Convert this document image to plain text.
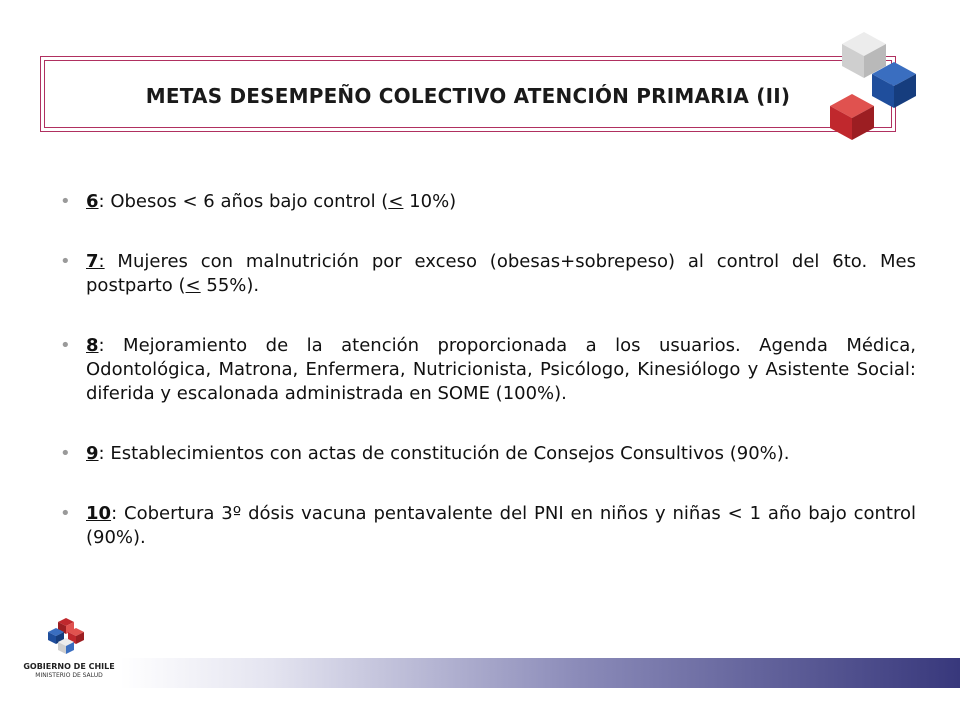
METAS DESEMPEÑO COLECTIVO ATENCIÓN PRIMARIA (II)
• 6: Obesos < 6 años bajo control (≤ 10%)
• 7: Mujeres con malnutrición por exceso (obesas+sobrepeso) al control del 6to. Mes postparto (≤ 55%).
• 8: Mejoramiento de la atención proporcionada a los usuarios. Agenda Médica, Odontológica, Matrona, Enfermera, Nutricionista, Psicólogo, Kinesiólogo y Asistente Social: diferida y escalonada administrada en SOME (100%).
• 9: Establecimientos con actas de constitución de Consejos Consultivos (90%).
• 10: Cobertura 3º dósis vacuna pentavalente del PNI en niños y niñas < 1 año bajo control (90%).
GOBIERNO DE CHILE
MINISTERIO DE SALUD
